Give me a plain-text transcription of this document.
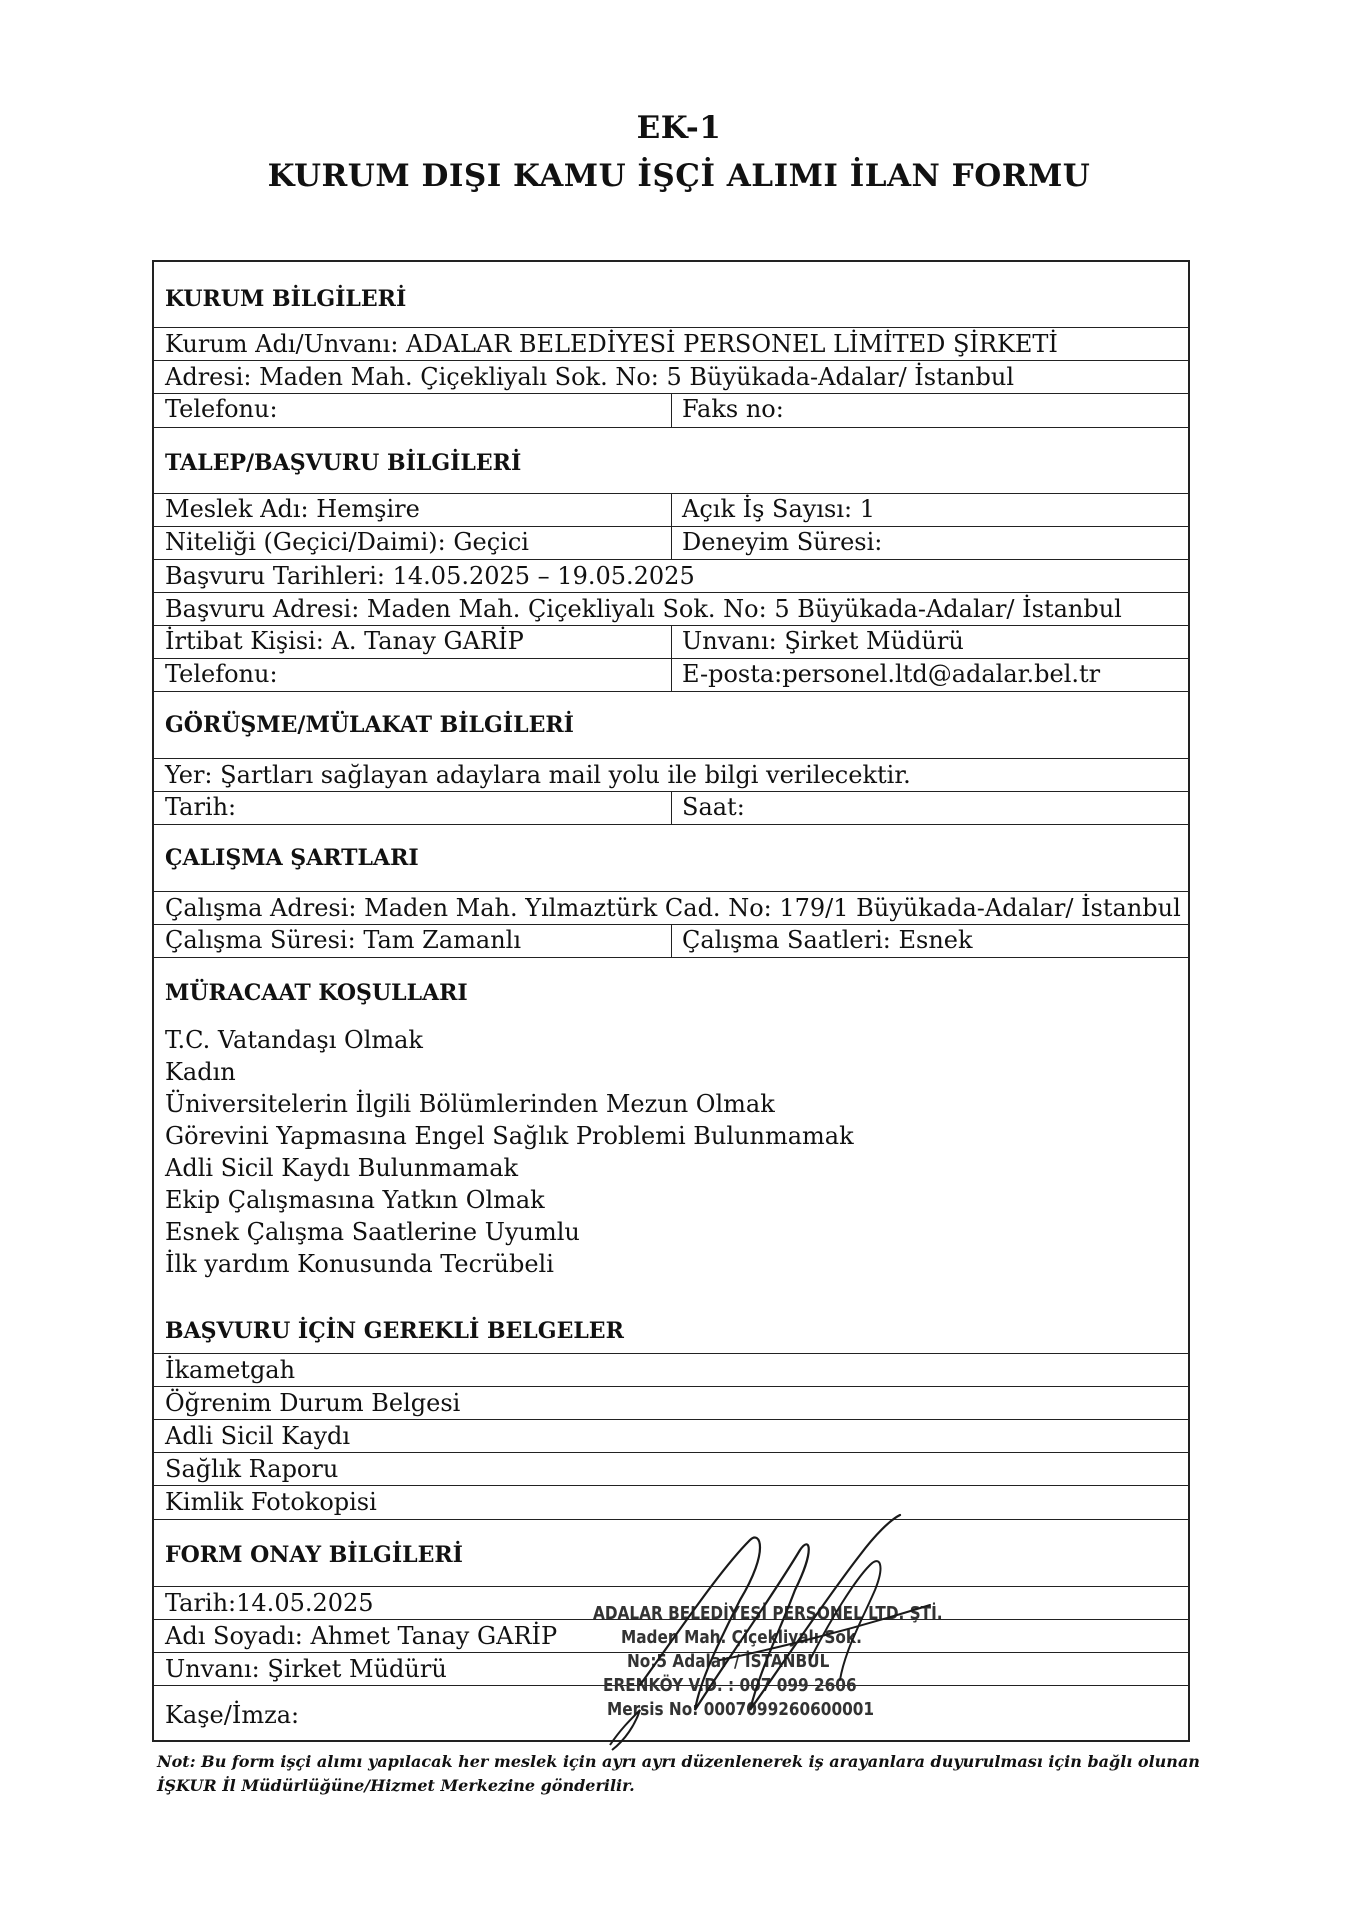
EK-1
KURUM DIŞI KAMU İŞÇİ ALIMI İLAN FORMU
KURUM BİLGİLERİ
Kurum Adı/Unvanı: ADALAR BELEDİYESİ PERSONEL LİMİTED ŞİRKETİ
Adresi: Maden Mah. Çiçekliyalı Sok. No: 5 Büyükada-Adalar/ İstanbul
Telefonu:	Faks no:
TALEP/BAŞVURU BİLGİLERİ
Meslek Adı: Hemşire	Açık İş Sayısı: 1
Niteliği (Geçici/Daimi): Geçici	Deneyim Süresi:
Başvuru Tarihleri: 14.05.2025 – 19.05.2025
Başvuru Adresi: Maden Mah. Çiçekliyalı Sok. No: 5 Büyükada-Adalar/ İstanbul
İrtibat Kişisi: A. Tanay GARİP	Unvanı: Şirket Müdürü
Telefonu:	E-posta:personel.ltd@adalar.bel.tr
GÖRÜŞME/MÜLAKAT BİLGİLERİ
Yer: Şartları sağlayan adaylara mail yolu ile bilgi verilecektir.
Tarih:	Saat:
ÇALIŞMA ŞARTLARI
Çalışma Adresi: Maden Mah. Yılmaztürk Cad. No: 179/1 Büyükada-Adalar/ İstanbul
Çalışma Süresi: Tam Zamanlı	Çalışma Saatleri: Esnek
MÜRACAAT KOŞULLARI
T.C. Vatandaşı Olmak
Kadın
Üniversitelerin İlgili Bölümlerinden Mezun Olmak
Görevini Yapmasına Engel Sağlık Problemi Bulunmamak
Adli Sicil Kaydı Bulunmamak
Ekip Çalışmasına Yatkın Olmak
Esnek Çalışma Saatlerine Uyumlu
İlk yardım Konusunda Tecrübeli
BAŞVURU İÇİN GEREKLİ BELGELER
İkametgah
Öğrenim Durum Belgesi
Adli Sicil Kaydı
Sağlık Raporu
Kimlik Fotokopisi
FORM ONAY BİLGİLERİ
Tarih:14.05.2025
Adı Soyadı: Ahmet Tanay GARİP
Unvanı: Şirket Müdürü
Kaşe/İmza:
ADALAR BELEDİYESİ PERSONEL LTD. ŞTİ.
Maden Mah. Çiçekliyalı Sok.
No:5 Adalar / İSTANBUL
ERENKÖY V.D. : 007 099 2606
Mersis No: 0007099260600001
Not: Bu form işçi alımı yapılacak her meslek için ayrı ayrı düzenlenerek iş arayanlara duyurulması için bağlı olunan İŞKUR İl Müdürlüğüne/Hizmet Merkezine gönderilir.
